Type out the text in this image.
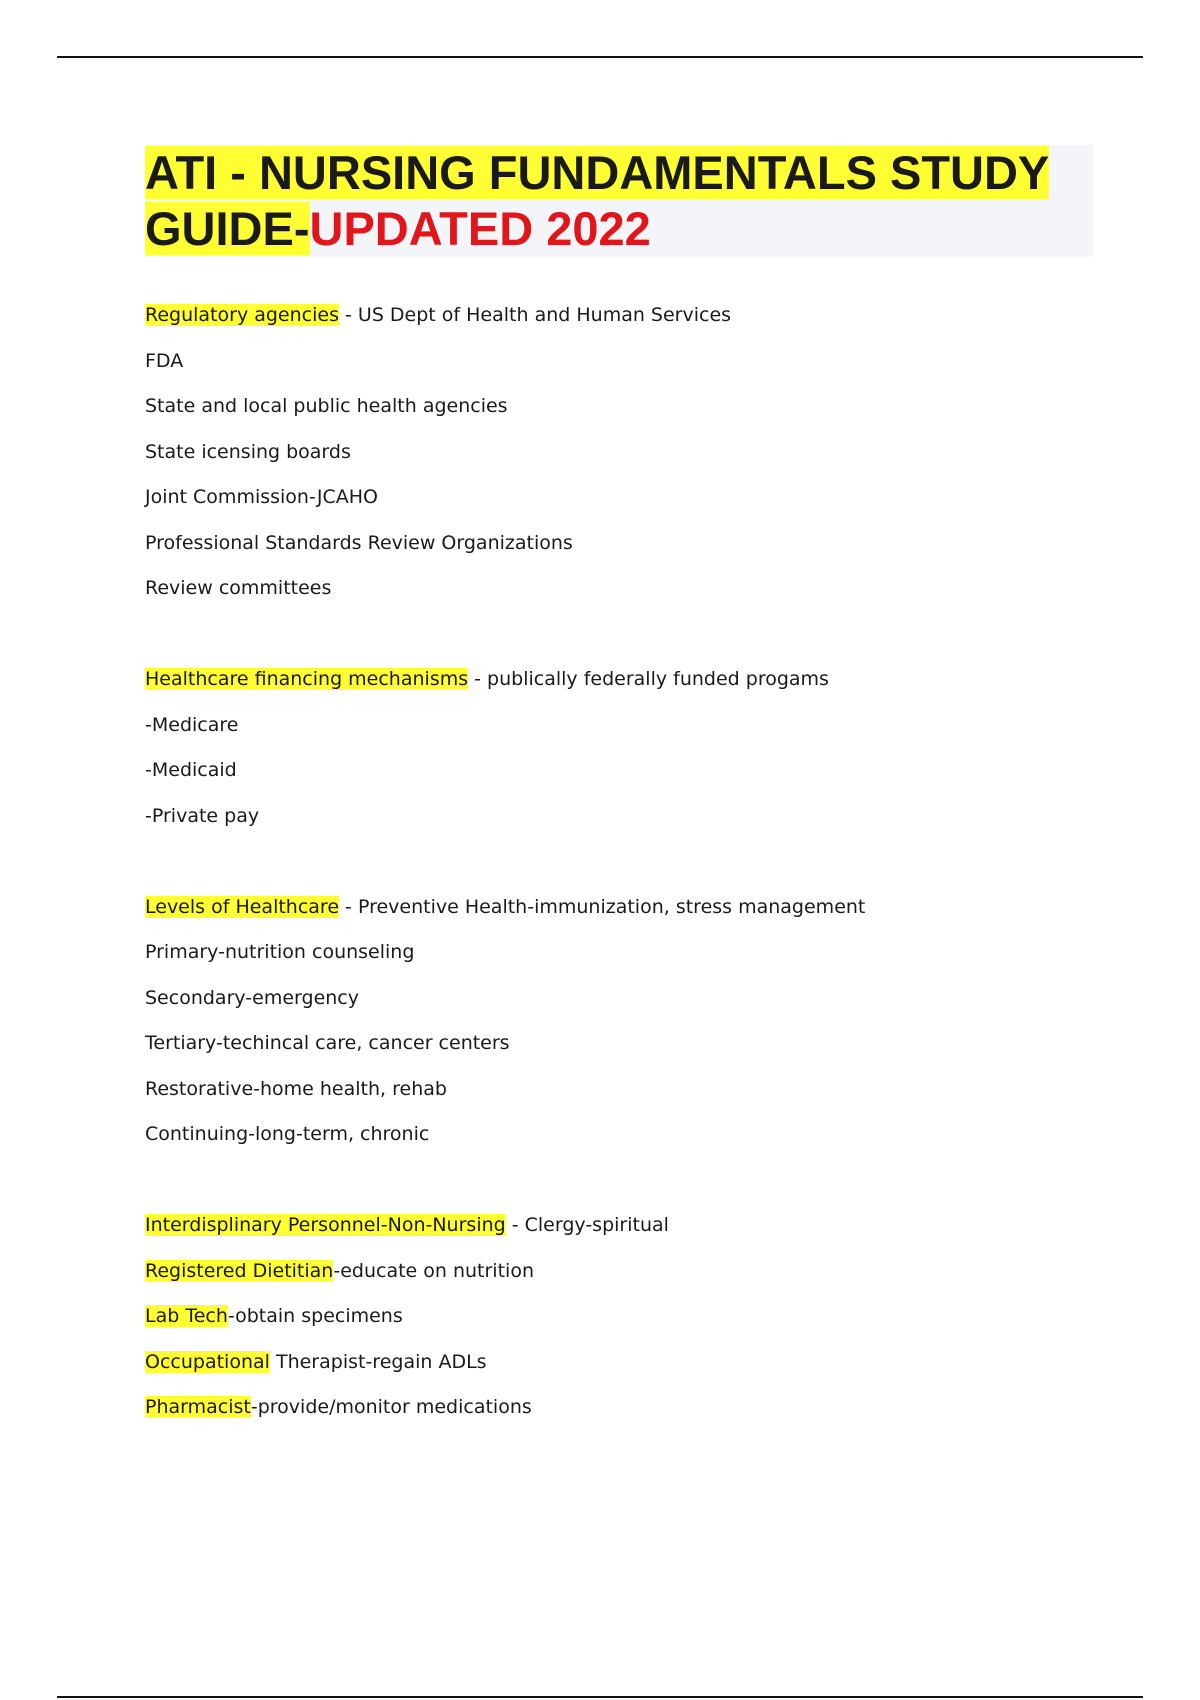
ATI - NURSING FUNDAMENTALS STUDY
GUIDE-UPDATED 2022
Regulatory agencies - US Dept of Health and Human Services
FDA
State and local public health agencies
State icensing boards
Joint Commission-JCAHO
Professional Standards Review Organizations
Review committees
Healthcare financing mechanisms - publically federally funded progams
-Medicare
-Medicaid
-Private pay
Levels of Healthcare - Preventive Health-immunization, stress management
Primary-nutrition counseling
Secondary-emergency
Tertiary-techincal care, cancer centers
Restorative-home health, rehab
Continuing-long-term, chronic
Interdisplinary Personnel-Non-Nursing - Clergy-spiritual
Registered Dietitian-educate on nutrition
Lab Tech-obtain specimens
Occupational Therapist-regain ADLs
Pharmacist-provide/monitor medications
